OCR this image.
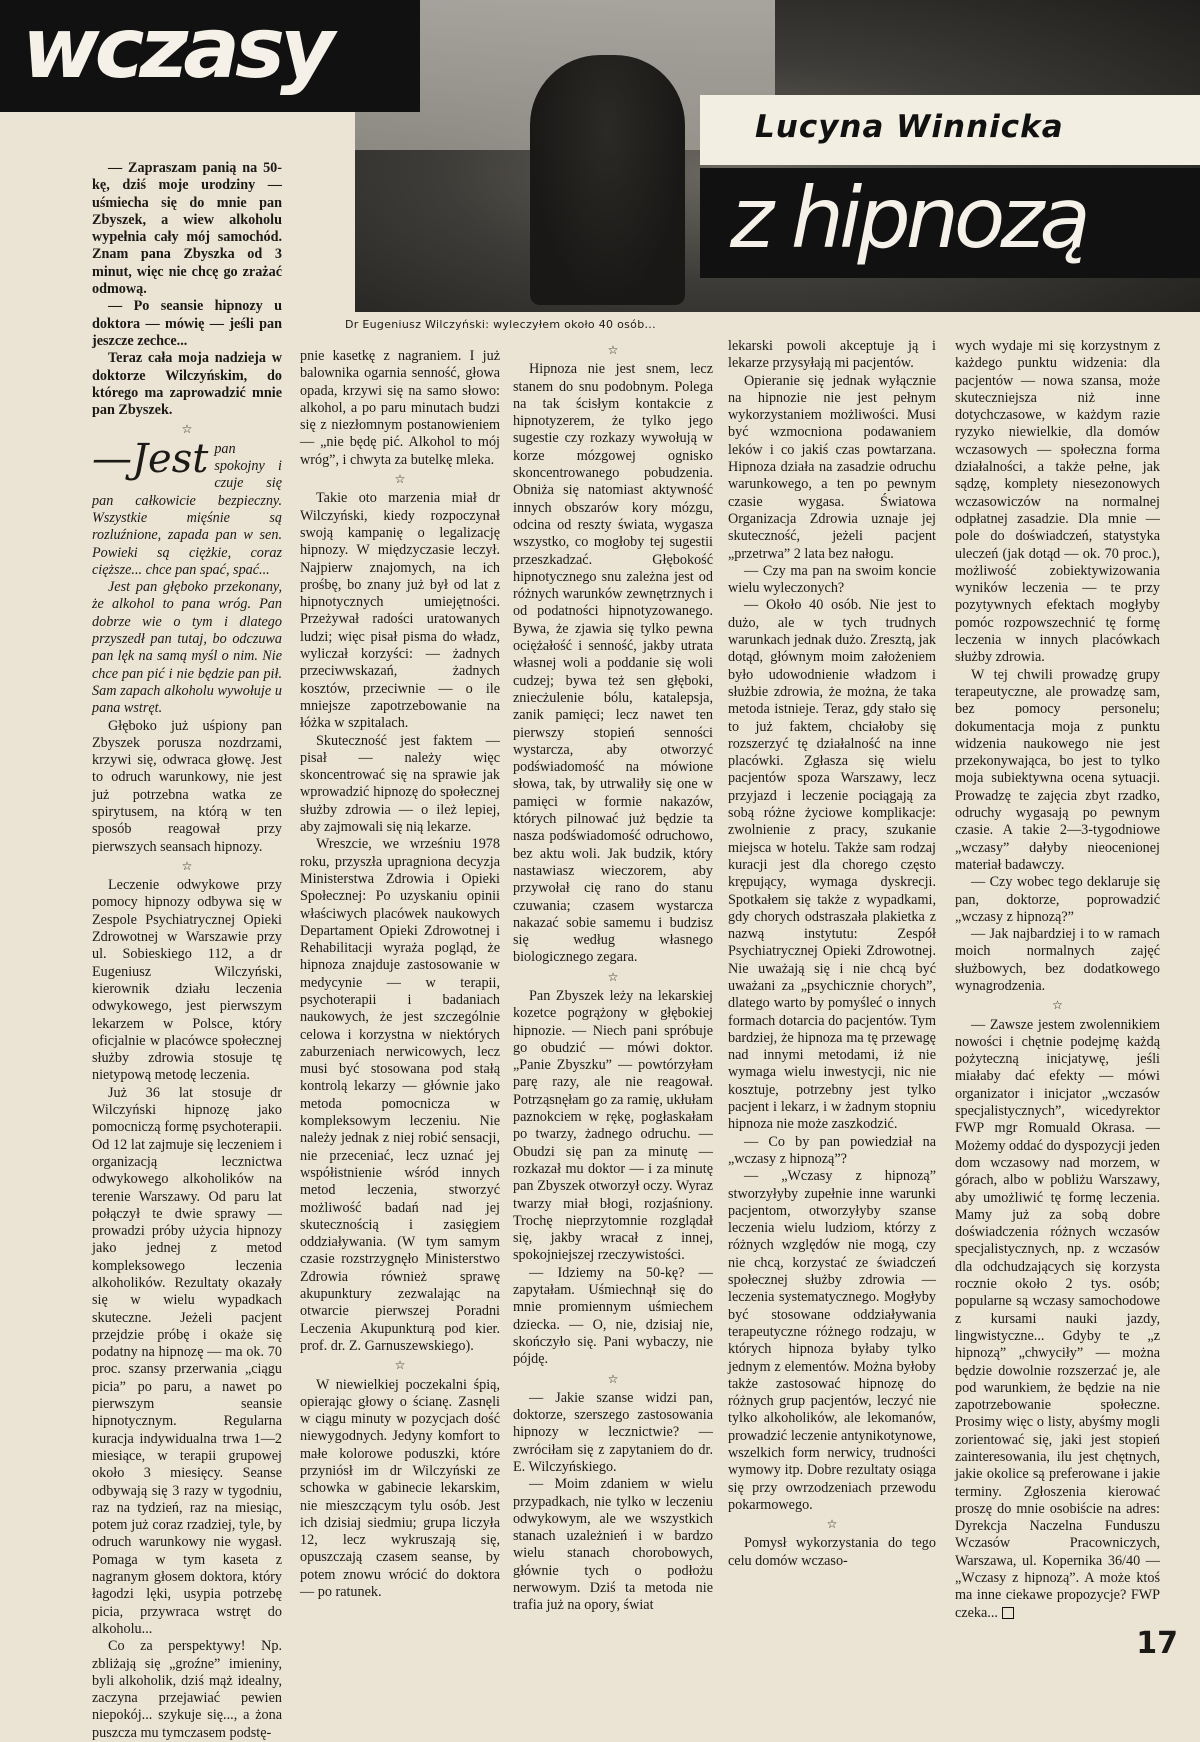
wczasy
Lucyna Winnicka
z hipnozą
Dr Eugeniusz Wilczyński: wyleczyłem około 40 osób...

— Zapraszam panią na 50-kę, dziś moje urodziny — uśmiecha się do mnie pan Zbyszek, a wiew alkoholu wypełnia cały mój samochód. Znam pana Zbyszka od 3 minut, więc nie chcę go zrażać odmową.

— Po seansie hipnozy u doktora — mówię — jeśli pan jeszcze zechce...

Teraz cała moja nadzieja w doktorze Wilczyńskim, do którego ma zaprowadzić mnie pan Zbyszek.

☆

—Jest pan spokojny i czuje się pan całkowicie bezpieczny. Wszystkie mięśnie są rozluźnione, zapada pan w sen. Powieki są ciężkie, coraz cięższe... chce pan spać, spać...

Jest pan głęboko przekonany, że alkohol to pana wróg. Pan dobrze wie o tym i dlatego przyszedł pan tutaj, bo odczuwa pan lęk na samą myśl o nim. Nie chce pan pić i nie będzie pan pił. Sam zapach alkoholu wywołuje u pana wstręt.

Głęboko już uśpiony pan Zbyszek porusza nozdrzami, krzywi się, odwraca głowę. Jest to odruch warunkowy, nie jest już potrzebna watka ze spirytusem, na którą w ten sposób reagował przy pierwszych seansach hipnozy.

☆

Leczenie odwykowe przy pomocy hipnozy odbywa się w Zespole Psychiatrycznej Opieki Zdrowotnej w Warszawie przy ul. Sobieskiego 112, a dr Eugeniusz Wilczyński, kierownik działu leczenia odwykowego, jest pierwszym lekarzem w Polsce, który oficjalnie w placówce społecznej służby zdrowia stosuje tę nietypową metodę leczenia.

Już 36 lat stosuje dr Wilczyński hipnozę jako pomocniczą formę psychoterapii. Od 12 lat zajmuje się leczeniem i organizacją lecznictwa odwykowego alkoholików na terenie Warszawy. Od paru lat połączył te dwie sprawy — prowadzi próby użycia hipnozy jako jednej z metod kompleksowego leczenia alkoholików. Rezultaty okazały się w wielu wypadkach skuteczne. Jeżeli pacjent przejdzie próbę i okaże się podatny na hipnozę — ma ok. 70 proc. szansy przerwania „ciągu picia” po paru, a nawet po pierwszym seansie hipnotycznym. Regularna kuracja indywidualna trwa 1—2 miesiące, w terapii grupowej około 3 miesięcy. Seanse odbywają się 3 razy w tygodniu, raz na tydzień, raz na miesiąc, potem już coraz rzadziej, tyle, by odruch warunkowy nie wygasł. Pomaga w tym kaseta z nagranym głosem doktora, który łagodzi lęki, usypia potrzebę picia, przywraca wstręt do alkoholu...

Co za perspektywy! Np. zbliżają się „groźne” imieniny, byli alkoholik, dziś mąż idealny, zaczyna przejawiać pewien niepokój... szykuje się..., a żona puszcza mu tymczasem podstę-

pnie kasetkę z nagraniem. I już balownika ogarnia senność, głowa opada, krzywi się na samo słowo: alkohol, a po paru minutach budzi się z niezłomnym postanowieniem — „nie będę pić. Alkohol to mój wróg”, i chwyta za butelkę mleka.

☆

Takie oto marzenia miał dr Wilczyński, kiedy rozpoczynał swoją kampanię o legalizację hipnozy. W międzyczasie leczył. Najpierw znajomych, na ich prośbę, bo znany już był od lat z hipnotycznych umiejętności. Przeżywał radości uratowanych ludzi; więc pisał pisma do władz, wyliczał korzyści: — żadnych przeciwwskazań, żadnych kosztów, przeciwnie — o ile mniejsze zapotrzebowanie na łóżka w szpitalach.

Skuteczność jest faktem — pisał — należy więc skoncentrować się na sprawie jak wprowadzić hipnozę do społecznej służby zdrowia — o ileż lepiej, aby zajmowali się nią lekarze.

Wreszcie, we wrześniu 1978 roku, przyszła upragniona decyzja Ministerstwa Zdrowia i Opieki Społecznej: Po uzyskaniu opinii właściwych placówek naukowych Departament Opieki Zdrowotnej i Rehabilitacji wyraża pogląd, że hipnoza znajduje zastosowanie w medycynie — w terapii, psychoterapii i badaniach naukowych, że jest szczególnie celowa i korzystna w niektórych zaburzeniach nerwicowych, lecz musi być stosowana pod stałą kontrolą lekarzy — głównie jako metoda pomocnicza w kompleksowym leczeniu. Nie należy jednak z niej robić sensacji, nie przeceniać, lecz uznać jej współistnienie wśród innych metod leczenia, stworzyć możliwość badań nad jej skutecznością i zasięgiem oddziaływania. (W tym samym czasie rozstrzygnęło Ministerstwo Zdrowia również sprawę akupunktury zezwalając na otwarcie pierwszej Poradni Leczenia Akupunkturą pod kier. prof. dr. Z. Garnuszewskiego).

☆

W niewielkiej poczekalni śpią, opierając głowy o ścianę. Zasnęli w ciągu minuty w pozycjach dość niewygodnych. Jedyny komfort to małe kolorowe poduszki, które przyniósł im dr Wilczyński ze schowka w gabinecie lekarskim, nie mieszczącym tylu osób. Jest ich dzisiaj siedmiu; grupa liczyła 12, lecz wykruszają się, opuszczają czasem seanse, by potem znowu wrócić do doktora — po ratunek.

☆

Hipnoza nie jest snem, lecz stanem do snu podobnym. Polega na tak ścisłym kontakcie z hipnotyzerem, że tylko jego sugestie czy rozkazy wywołują w korze mózgowej ognisko skoncentrowanego pobudzenia. Obniża się natomiast aktywność innych obszarów kory mózgu, odcina od reszty świata, wygasza wszystko, co mogłoby tej sugestii przeszkadzać. Głębokość hipnotycznego snu zależna jest od różnych warunków zewnętrznych i od podatności hipnotyzowanego. Bywa, że zjawia się tylko pewna ociężałość i senność, jakby utrata własnej woli a poddanie się woli cudzej; bywa też sen głęboki, zniecżulenie bólu, katalepsja, zanik pamięci; lecz nawet ten pierwszy stopień senności wystarcza, aby otworzyć podświadomość na mówione słowa, tak, by utrwaliły się one w pamięci w formie nakazów, których pilnować już będzie ta nasza podświadomość odruchowo, bez aktu woli. Jak budzik, który nastawiasz wieczorem, aby przywołał cię rano do stanu czuwania; czasem wystarcza nakazać sobie samemu i budzisz się według własnego biologicznego zegara.

☆

Pan Zbyszek leży na lekarskiej kozetce pogrążony w głębokiej hipnozie. — Niech pani spróbuje go obudzić — mówi doktor. „Panie Zbyszku” — powtórzyłam parę razy, ale nie reagował. Potrząsnęłam go za ramię, ukłułam paznokciem w rękę, pogłaskałam po twarzy, żadnego odruchu. — Obudzi się pan za minutę — rozkazał mu doktor — i za minutę pan Zbyszek otworzył oczy. Wyraz twarzy miał błogi, rozjaśniony. Trochę nieprzytomnie rozglądał się, jakby wracał z innej, spokojniejszej rzeczywistości.

— Idziemy na 50-kę? — zapytałam. Uśmiechnął się do mnie promiennym uśmiechem dziecka. — O, nie, dzisiaj nie, skończyło się. Pani wybaczy, nie pójdę.

☆

— Jakie szanse widzi pan, doktorze, szerszego zastosowania hipnozy w lecznictwie? — zwróciłam się z zapytaniem do dr. E. Wilczyńskiego.

— Moim zdaniem w wielu przypadkach, nie tylko w leczeniu odwykowym, ale we wszystkich stanach uzależnień i w bardzo wielu stanach chorobowych, głównie tych o podłożu nerwowym. Dziś ta metoda nie trafia już na opory, świat

lekarski powoli akceptuje ją i lekarze przysyłają mi pacjentów.

Opieranie się jednak wyłącznie na hipnozie nie jest pełnym wykorzystaniem możliwości. Musi być wzmocniona podawaniem leków i co jakiś czas powtarzana. Hipnoza działa na zasadzie odruchu warunkowego, a ten po pewnym czasie wygasa. Światowa Organizacja Zdrowia uznaje jej skuteczność, jeżeli pacjent „przetrwa” 2 lata bez nałogu.

— Czy ma pan na swoim koncie wielu wyleczonych?

— Około 40 osób. Nie jest to dużo, ale w tych trudnych warunkach jednak dużo. Zresztą, jak dotąd, głównym moim założeniem było udowodnienie władzom i służbie zdrowia, że można, że taka metoda istnieje. Teraz, gdy stało się to już faktem, chciałoby się rozszerzyć tę działalność na inne placówki. Zgłasza się wielu pacjentów spoza Warszawy, lecz przyjazd i leczenie pociągają za sobą różne życiowe komplikacje: zwolnienie z pracy, szukanie miejsca w hotelu. Także sam rodzaj kuracji jest dla chorego często krępujący, wymaga dyskrecji. Spotkałem się także z wypadkami, gdy chorych odstraszała plakietka z nazwą instytutu: Zespół Psychiatrycznej Opieki Zdrowotnej. Nie uważają się i nie chcą być uważani za „psychicznie chorych”, dlatego warto by pomyśleć o innych formach dotarcia do pacjentów. Tym bardziej, że hipnoza ma tę przewagę nad innymi metodami, iż nie wymaga wielu inwestycji, nic nie kosztuje, potrzebny jest tylko pacjent i lekarz, i w żadnym stopniu hipnoza nie może zaszkodzić.

— Co by pan powiedział na „wczasy z hipnozą”?

— „Wczasy z hipnozą” stworzyłyby zupełnie inne warunki pacjentom, otworzyłyby szanse leczenia wielu ludziom, którzy z różnych względów nie mogą, czy nie chcą, korzystać ze świadczeń społecznej służby zdrowia — leczenia systematycznego. Mogłyby być stosowane oddziaływania terapeutyczne różnego rodzaju, w których hipnoza byłaby tylko jednym z elementów. Można byłoby także zastosować hipnozę do różnych grup pacjentów, leczyć nie tylko alkoholików, ale lekomanów, prowadzić leczenie antynikotynowe, wszelkich form nerwicy, trudności wymowy itp. Dobre rezultaty osiąga się przy owrzodzeniach przewodu pokarmowego.

☆

Pomysł wykorzystania do tego celu domów wczaso-

wych wydaje mi się korzystnym z każdego punktu widzenia: dla pacjentów — nowa szansa, może skuteczniejsza niż inne dotychczasowe, w każdym razie ryzyko niewielkie, dla domów wczasowych — społeczna forma działalności, a także pełne, jak sądzę, komplety niesezonowych wczasowiczów na normalnej odpłatnej zasadzie. Dla mnie — pole do doświadczeń, statystyka uleczeń (jak dotąd — ok. 70 proc.), możliwość zobiektywizowania wyników leczenia — te przy pozytywnych efektach mogłyby pomóc rozpowszechnić tę formę leczenia w innych placówkach służby zdrowia.

W tej chwili prowadzę grupy terapeutyczne, ale prowadzę sam, bez pomocy personelu; dokumentacja moja z punktu widzenia naukowego nie jest przekonywająca, bo jest to tylko moja subiektywna ocena sytuacji. Prowadzę te zajęcia zbyt rzadko, odruchy wygasają po pewnym czasie. A takie 2—3-tygodniowe „wczasy” dałyby nieocenionej materiał badawczy.

— Czy wobec tego deklaruje się pan, doktorze, poprowadzić „wczasy z hipnozą?”

— Jak najbardziej i to w ramach moich normalnych zajęć służbowych, bez dodatkowego wynagrodzenia.

☆

— Zawsze jestem zwolennikiem nowości i chętnie podejmę każdą pożyteczną inicjatywę, jeśli miałaby dać efekty — mówi organizator i inicjator „wczasów specjalistycznych”, wicedyrektor FWP mgr Romuald Okrasa. — Możemy oddać do dyspozycji jeden dom wczasowy nad morzem, w górach, albo w pobliżu Warszawy, aby umożliwić tę formę leczenia. Mamy już za sobą dobre doświadczenia różnych wczasów specjalistycznych, np. z wczasów dla odchudzających się korzysta rocznie około 2 tys. osób; popularne są wczasy samochodowe z kursami nauki jazdy, lingwistyczne... Gdyby te „z hipnozą” „chwyciły” — można będzie dowolnie rozszerzać je, ale pod warunkiem, że będzie na nie zapotrzebowanie społeczne. Prosimy więc o listy, abyśmy mogli zorientować się, jaki jest stopień zainteresowania, ilu jest chętnych, jakie okolice są preferowane i jakie terminy. Zgłoszenia kierować proszę do mnie osobiście na adres: Dyrekcja Naczelna Funduszu Wczasów Pracowniczych, Warszawa, ul. Kopernika 36/40 — „Wczasy z hipnozą”. A może ktoś ma inne ciekawe propozycje? FWP czeka...

17
